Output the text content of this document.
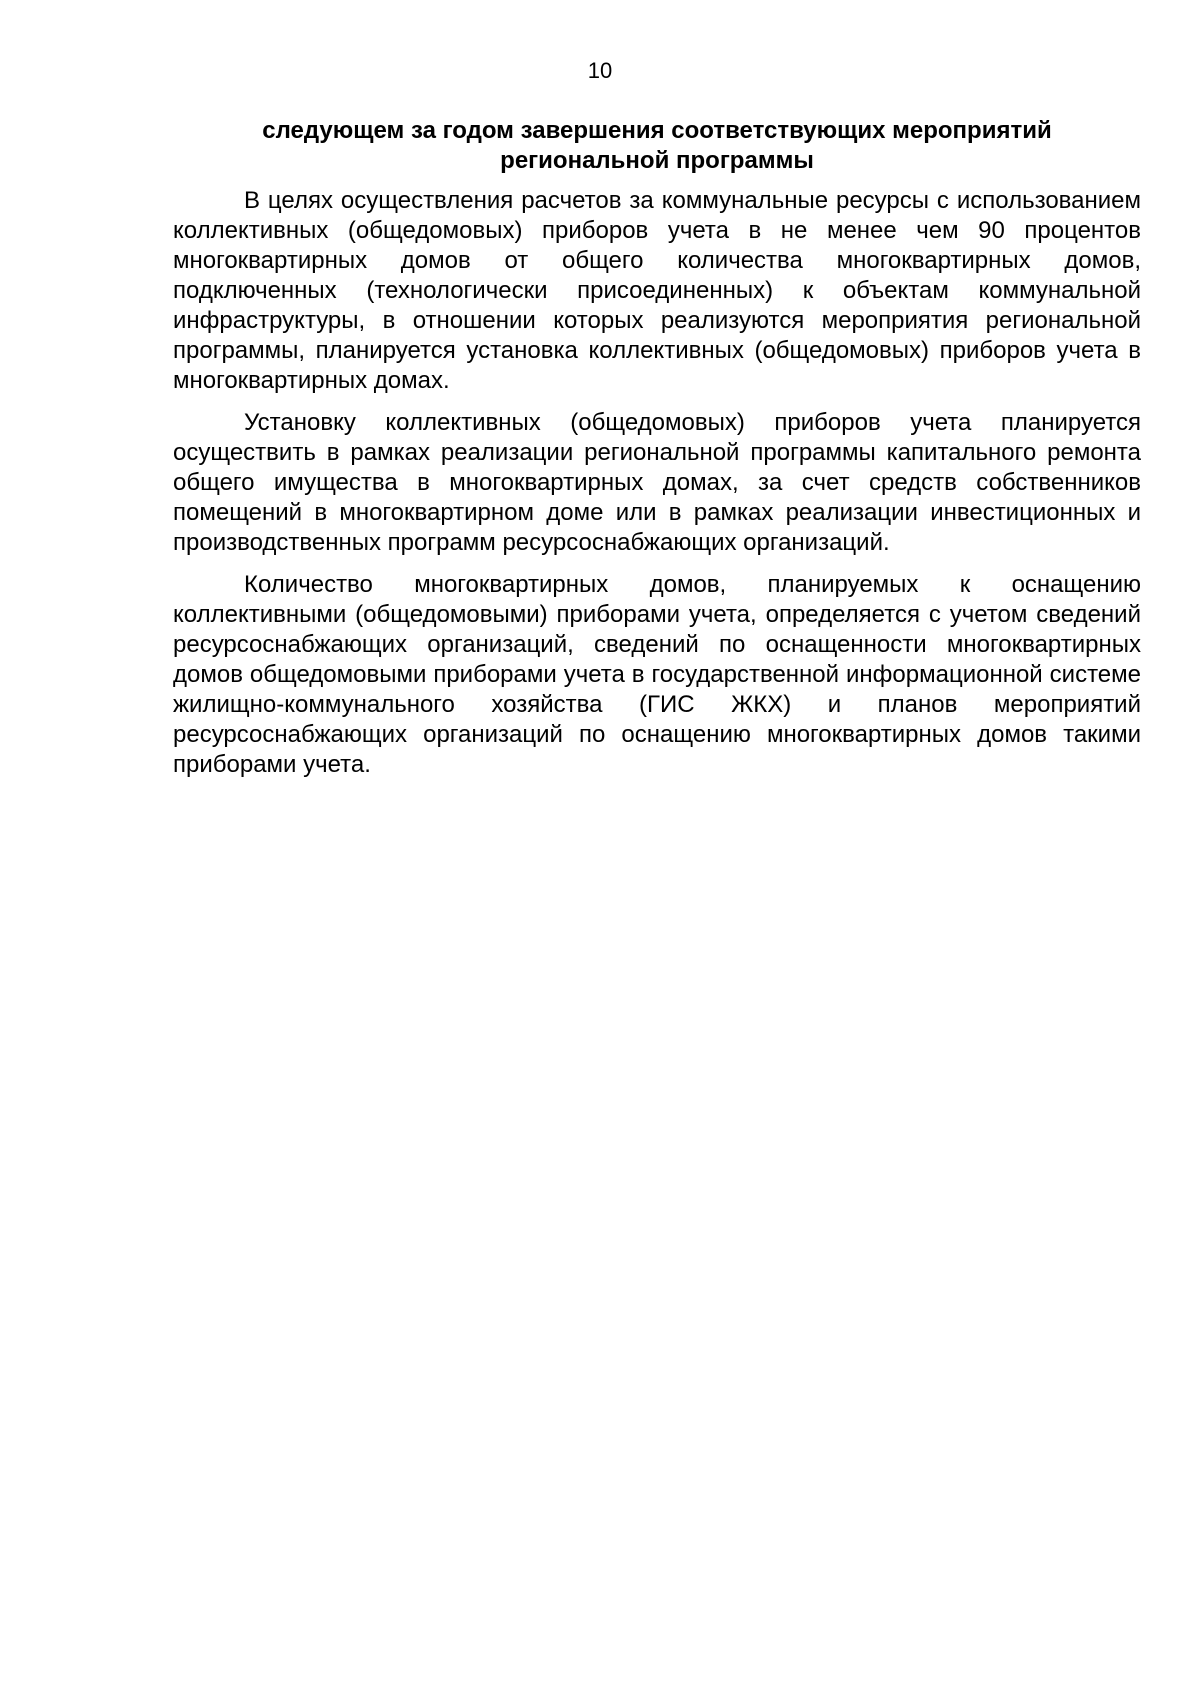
10
следующем за годом завершения соответствующих мероприятий
региональной программы

В целях осуществления расчетов за коммунальные ресурсы с использованием коллективных (общедомовых) приборов учета в не менее чем 90 процентов многоквартирных домов от общего количества многоквартирных домов, подключенных (технологически присоединенных) к объектам коммунальной инфраструктуры, в отношении которых реализуются мероприятия региональной программы, планируется установка коллективных (общедомовых) приборов учета в многоквартирных домах.

Установку коллективных (общедомовых) приборов учета планируется осуществить в рамках реализации региональной программы капитального ремонта общего имущества в многоквартирных домах, за счет средств собственников помещений в многоквартирном доме или в рамках реализации инвестиционных и производственных программ ресурсоснабжающих организаций.

Количество многоквартирных домов, планируемых к оснащению коллективными (общедомовыми) приборами учета, определяется с учетом сведений ресурсоснабжающих организаций, сведений по оснащенности многоквартирных домов общедомовыми приборами учета в государственной информационной системе жилищно-коммунального хозяйства (ГИС ЖКХ) и планов мероприятий ресурсоснабжающих организаций по оснащению многоквартирных домов такими приборами учета.
